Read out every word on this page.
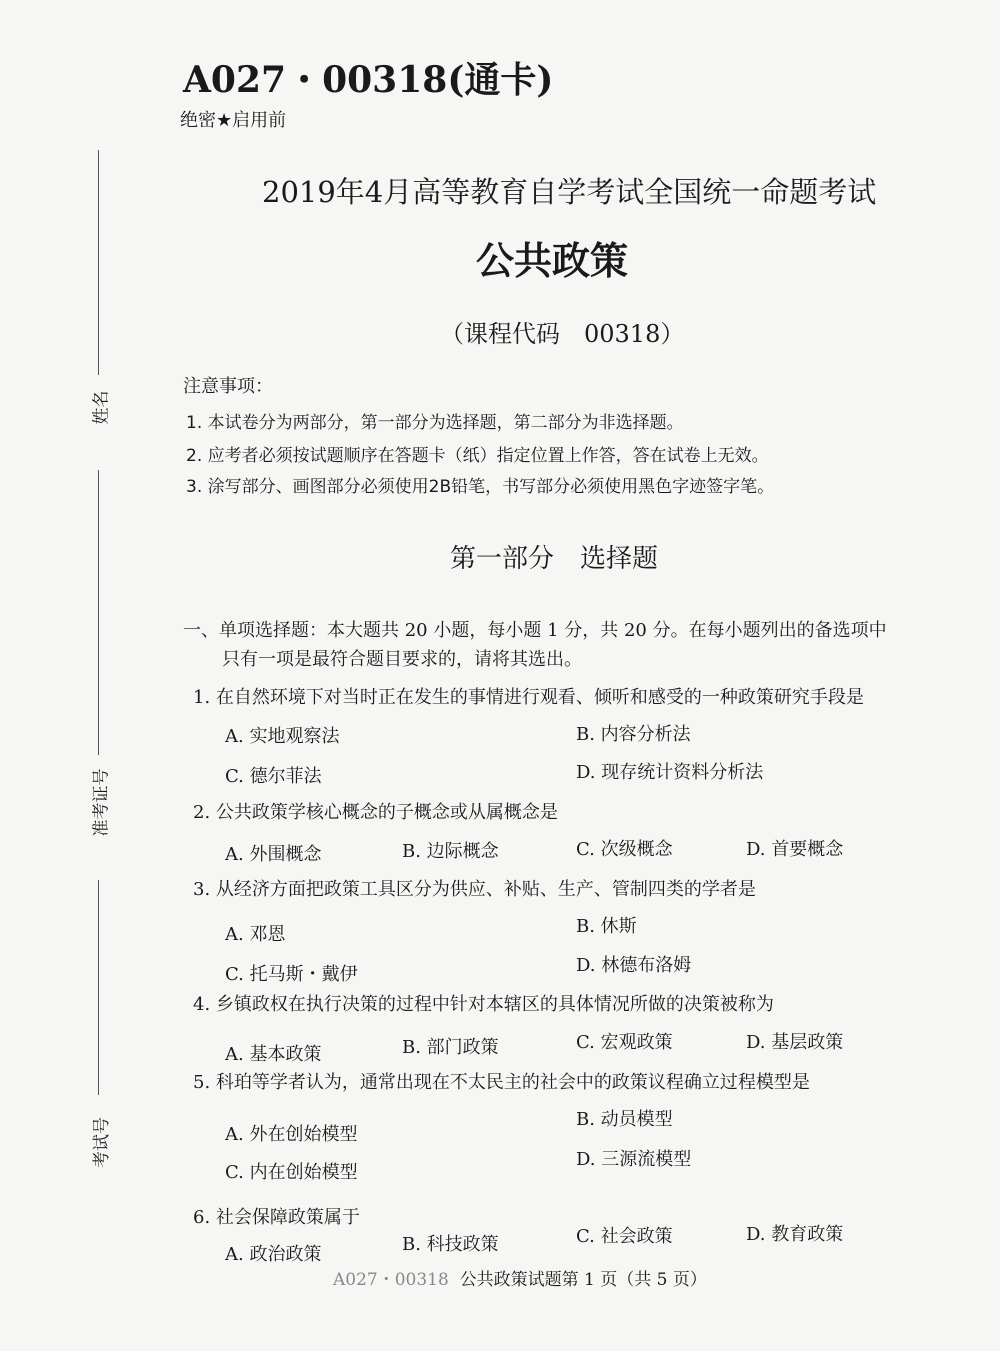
A027・00318(通卡)
绝密★启用前
2019年4月高等教育自学考试全国统一命题考试
公共政策
（课程代码　00318）
姓名
准考证号
考试号
注意事项：
1. 本试卷分为两部分，第一部分为选择题，第二部分为非选择题。
2. 应考者必须按试题顺序在答题卡（纸）指定位置上作答，答在试卷上无效。
3. 涂写部分、画图部分必须使用2B铅笔，书写部分必须使用黑色字迹签字笔。
第一部分　选择题
一、单项选择题：本大题共 20 小题，每小题 1 分，共 20 分。在每小题列出的备选项中
只有一项是最符合题目要求的，请将其选出。
1. 在自然环境下对当时正在发生的事情进行观看、倾听和感受的一种政策研究手段是
A. 实地观察法	B. 内容分析法
C. 德尔菲法	D. 现存统计资料分析法
2. 公共政策学核心概念的子概念或从属概念是
A. 外围概念	B. 边际概念	C. 次级概念	D. 首要概念
3. 从经济方面把政策工具区分为供应、补贴、生产、管制四类的学者是
A. 邓恩	B. 休斯
C. 托马斯・戴伊	D. 林德布洛姆
4. 乡镇政权在执行决策的过程中针对本辖区的具体情况所做的决策被称为
A. 基本政策	B. 部门政策	C. 宏观政策	D. 基层政策
5. 科珀等学者认为，通常出现在不太民主的社会中的政策议程确立过程模型是
A. 外在创始模型
B. 动员模型
C. 内在创始模型
D. 三源流模型
6. 社会保障政策属于
A. 政治政策	B. 科技政策	C. 社会政策	D. 教育政策
A027・00318 公共政策试题第 1 页（共 5 页）
